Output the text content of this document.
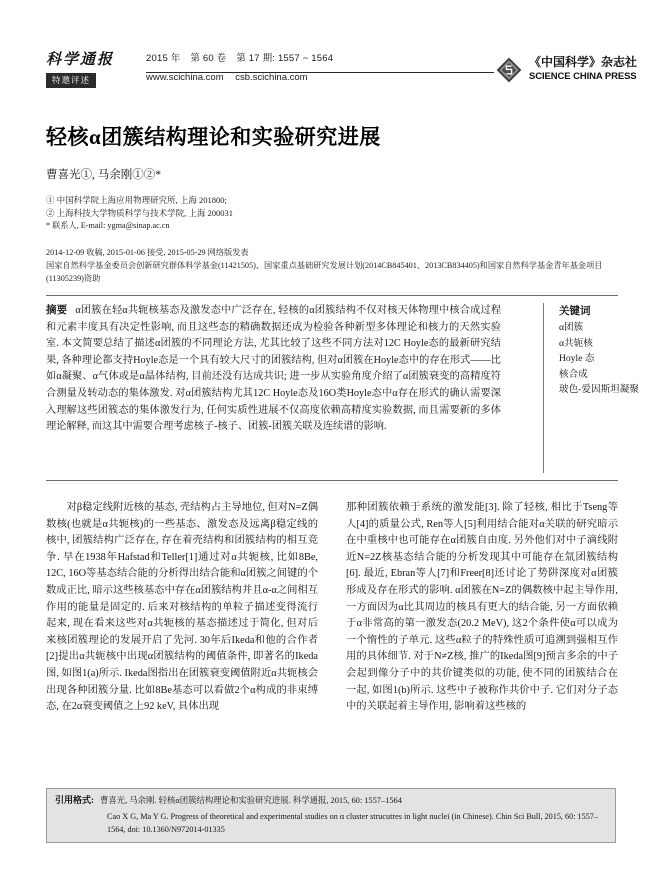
科学通报
特邀评述
2015 年 第 60 卷 第 17 期: 1557 ~ 1564
www.scichina.com csb.scichina.com
《中国科学》杂志社
SCIENCE CHINA PRESS
轻核α团簇结构理论和实验研究进展
曹喜光①, 马余刚①②*
① 中国科学院上海应用物理研究所, 上海 201800;
② 上海科技大学物质科学与技术学院, 上海 200031
* 联系人, E-mail: ygma@sinap.ac.cn
2014-12-09 收稿, 2015-01-06 接受, 2015-05-29 网络版发表
国家自然科学基金委员会创新研究群体科学基金(11421505)、国家重点基础研究发展计划(2014CB845401、2013CB834405)和国家自然科学基金青年基金项目(11305239)资助
摘要 α团簇在轻α共轭核基态及激发态中广泛存在, 轻核的α团簇结构不仅对核天体物理中核合成过程和元素丰度具有决定性影响, 而且这些态的精确数据还成为检验各种新型多体理论和核力的天然实验室. 本文简要总结了描述α团簇的不同理论方法, 尤其比较了这些不同方法对12C Hoyle态的最新研究结果, 各种理论都支持Hoyle态是一个具有较大尺寸的团簇结构, 但对α团簇在Hoyle态中的存在形式——比如α凝聚、α气体或是α晶体结构, 目前还没有达成共识; 进一步从实验角度介绍了α团簇衰变的高精度符合测量及转动态的集体激发. 对α团簇结构尤其12C Hoyle态及16O类Hoyle态中α存在形式的确认需要深入理解这些团簇态的集体激发行为, 任何实质性进展不仅高度依赖高精度实验数据, 而且需要新的多体理论解释, 而这其中需要合理考虑核子-核子、团簇-团簇关联及连续谱的影响.
关键词
α团簇
α共轭核
Hoyle 态
核合成
玻色-爱因斯坦凝聚

对β稳定线附近核的基态, 壳结构占主导地位, 但对N=Z偶数核(也就是α共轭核)的一些基态、激发态及远离β稳定线的核中, 团簇结构广泛存在, 存在着壳结构和团簇结构的相互竞争. 早在1938年Hafstad和Teller[1]通过对α共轭核, 比如8Be, 12C, 16O等基态结合能的分析得出结合能和α团簇之间键的个数成正比, 暗示这些核基态中存在α团簇结构并且α-α之间相互作用的能量是固定的. 后来对核结构的单粒子描述变得流行起来, 现在看来这些对α共轭核的基态描述过于简化, 但对后来核团簇理论的发展开启了先河. 30年后Ikeda和他的合作者[2]提出α共轭核中出现α团簇结构的阈值条件, 即著名的Ikeda图, 如图1(a)所示. Ikeda图指出在团簇衰变阈值附近α共轭核会出现各种团簇分量. 比如8Be基态可以看做2个α构成的非束缚态, 在2α衰变阈值之上92 keV, 具体出现

那种团簇依赖于系统的激发能[3]. 除了轻核, 相比于Tseng等人[4]的质量公式, Ren等人[5]利用结合能对α关联的研究暗示在中重核中也可能存在α团簇自由度. 另外他们对中子滴线附近N=2Z核基态结合能的分析发现其中可能存在氚团簇结构[6]. 最近, Ebran等人[7]和Freer[8]还讨论了势阱深度对α团簇形成及存在形式的影响. α团簇在N=Z的偶数核中起主导作用, 一方面因为α比其周边的核具有更大的结合能, 另一方面依赖于α非常高的第一激发态(20.2 MeV), 这2个条件使α可以成为一个惰性的子单元. 这些α粒子的特殊性质可追溯到强相互作用的具体细节. 对于N≠Z核, 推广的Ikeda图[9]预言多余的中子会起到像分子中的共价键类似的功能, 使不同的团簇结合在一起, 如图1(b)所示. 这些中子被称作共价中子. 它们对分子态中的关联起着主导作用, 影响着这些核的

引用格式: 曹喜光, 马余刚. 轻核α团簇结构理论和实验研究进展. 科学通报, 2015, 60: 1557–1564
Cao X G, Ma Y G. Progress of theoretical and experimental studies on α cluster strucutres in light nuclei (in Chinese). Chin Sci Bull, 2015, 60: 1557–1564, doi: 10.1360/N972014-01335
